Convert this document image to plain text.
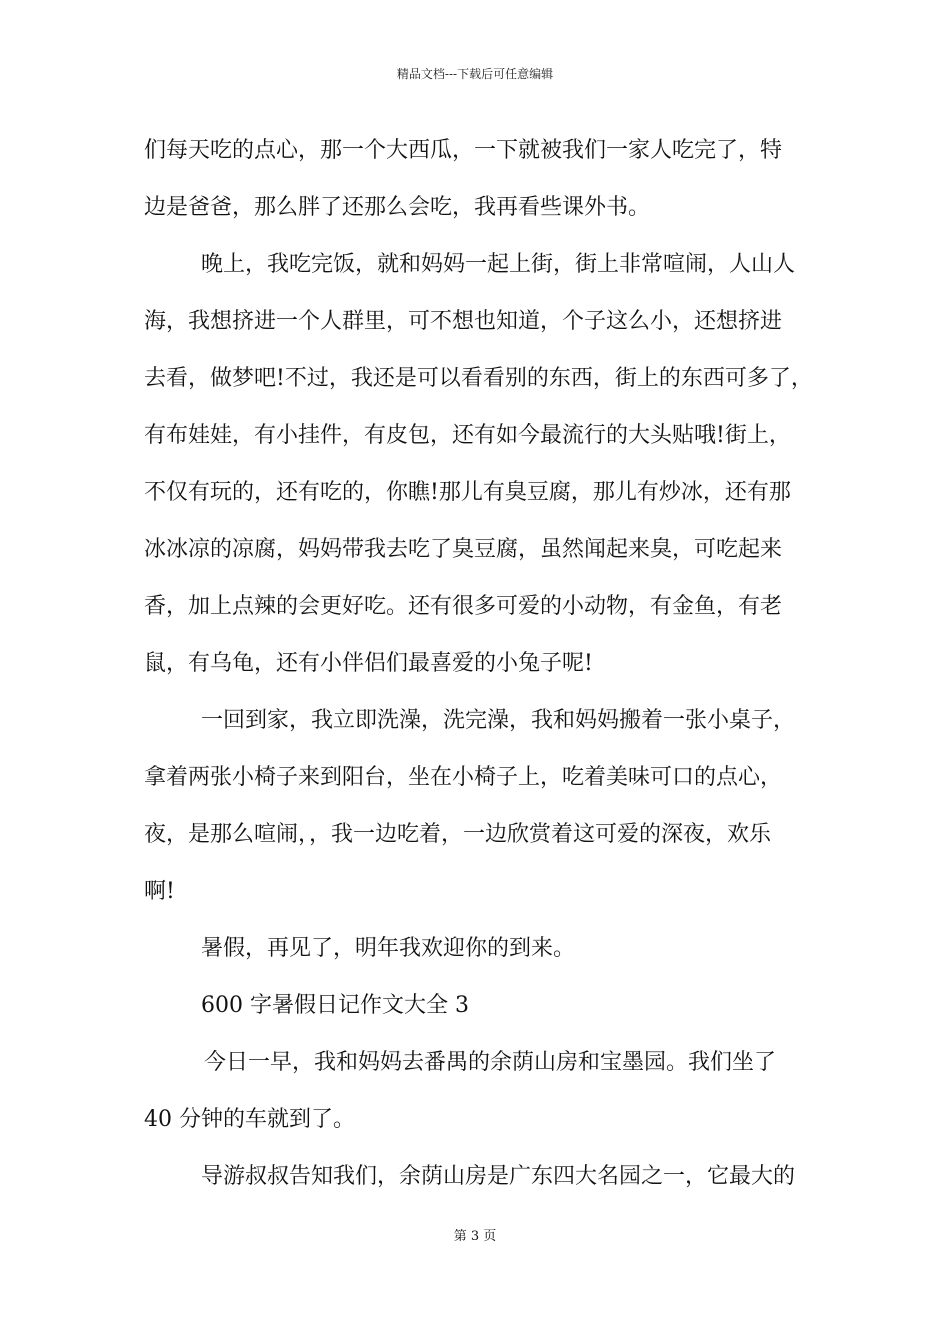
精品文档---下载后可任意编辑
们每天吃的点心，那一个大西瓜，一下就被我们一家人吃完了，特
边是爸爸，那么胖了还那么会吃，我再看些课外书。
晚上，我吃完饭，就和妈妈一起上街，街上非常喧闹，人山人
海，我想挤进一个人群里，可不想也知道，个子这么小，还想挤进
去看，做梦吧!不过，我还是可以看看别的东西，街上的东西可多了，
有布娃娃，有小挂件，有皮包，还有如今最流行的大头贴哦!街上，
不仅有玩的，还有吃的，你瞧!那儿有臭豆腐，那儿有炒冰，还有那
冰冰凉的凉腐，妈妈带我去吃了臭豆腐，虽然闻起来臭，可吃起来
香，加上点辣的会更好吃。还有很多可爱的小动物，有金鱼，有老
鼠，有乌龟，还有小伴侣们最喜爱的小兔子呢!
一回到家，我立即洗澡，洗完澡，我和妈妈搬着一张小桌子，
拿着两张小椅子来到阳台，坐在小椅子上，吃着美味可口的点心，
夜，是那么喧闹，，我一边吃着，一边欣赏着这可爱的深夜，欢乐
啊!
暑假，再见了，明年我欢迎你的到来。
600 字暑假日记作文大全 3
今日一早，我和妈妈去番禺的余荫山房和宝墨园。我们坐了
40 分钟的车就到了。
导游叔叔告知我们，余荫山房是广东四大名园之一，它最大的
第 3 页
